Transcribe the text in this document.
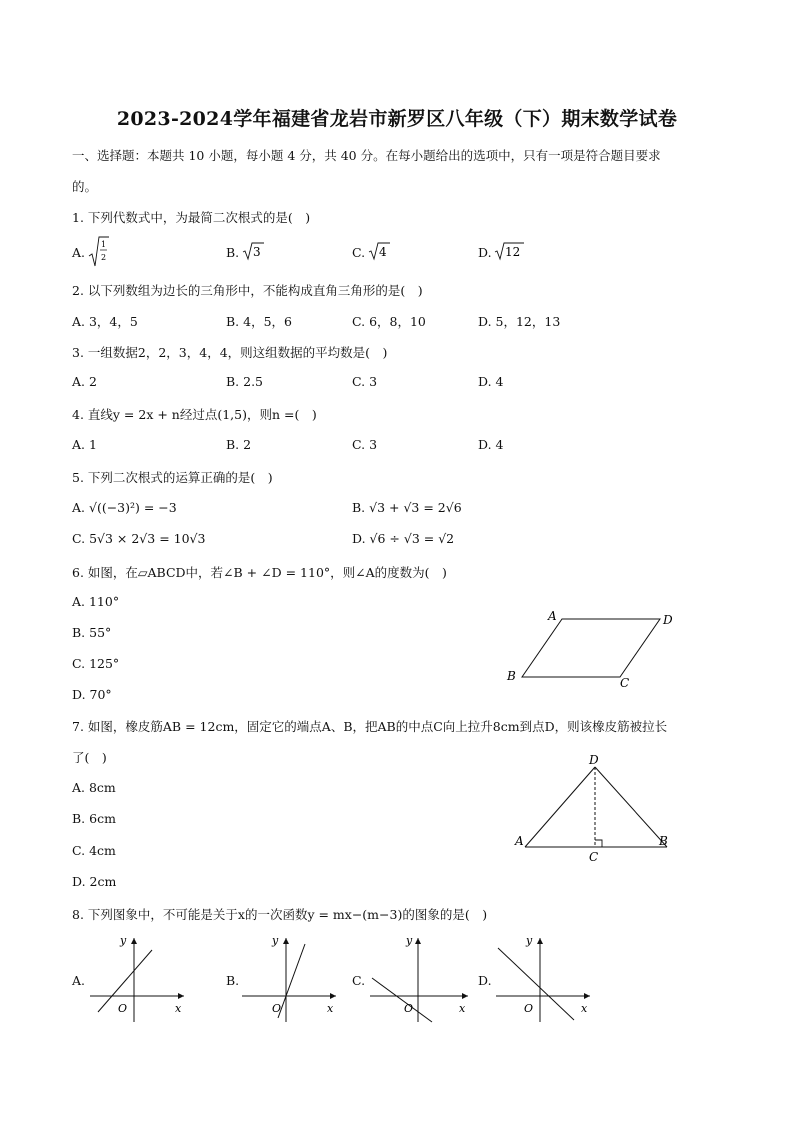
2023-2024学年福建省龙岩市新罗区八年级（下）期末数学试卷
一、选择题：本题共 10 小题，每小题 4 分，共 40 分。在每小题给出的选项中，只有一项是符合题目要求
的。
1. 下列代数式中，为最简二次根式的是(　)
A.
1
2	B. 3	C. 4	D. 12
2. 以下列数组为边长的三角形中，不能构成直角三角形的是(　)
A. 3，4，5	B. 4，5，6	C. 6，8，10	D. 5，12，13
3. 一组数据2，2，3，4，4，则这组数据的平均数是(　)
A. 2	B. 2.5	C. 3	D. 4
4. 直线y = 2x + n经过点(1,5)，则n =(　)
A. 1	B. 2	C. 3	D. 4
5. 下列二次根式的运算正确的是(　)
A. √((−3)²) = −3	B. √3 + √3 = 2√6
C. 5√3 × 2√3 = 10√3	D. √6 ÷ √3 = √2
6. 如图，在▱ABCD中，若∠B + ∠D = 110°，则∠A的度数为(　)
A. 110°
B. 55°
C. 125°
D. 70°
A	D
B	C
7. 如图，橡皮筋AB = 12cm，固定它的端点A、B，把AB的中点C向上拉升8cm到点D，则该橡皮筋被拉长
了(　)
A. 8cm
B. 6cm
C. 4cm
D. 2cm
D
A	B
C
8. 下列图象中，不可能是关于x的一次函数y = mx−(m−3)的图象的是(　)
A.
x
y
O
B.
x
y
O
C.
x
y
O
D.
x
y
O
